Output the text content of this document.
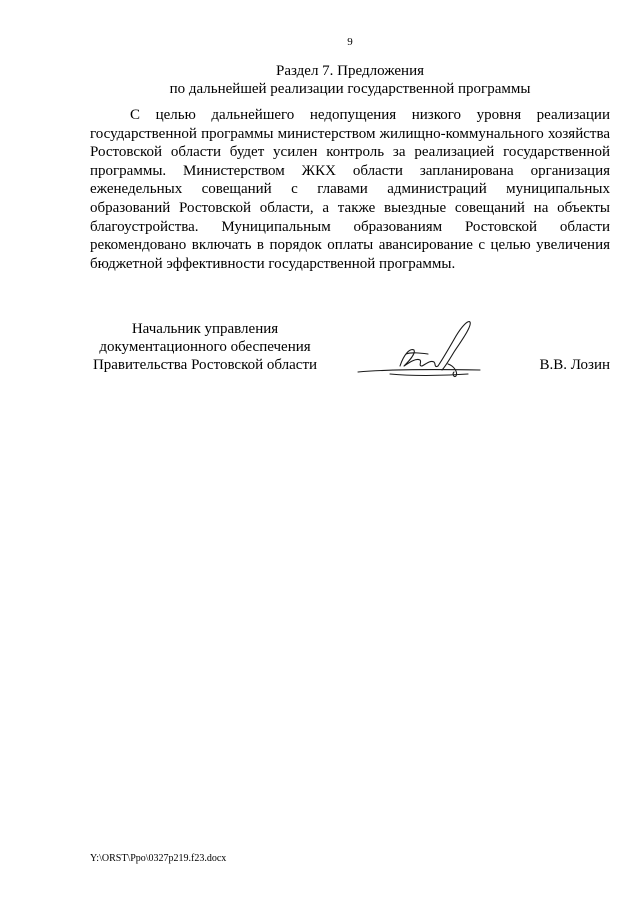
9
Раздел 7. Предложения
по дальнейшей реализации государственной программы

С целью дальнейшего недопущения низкого уровня реализации государственной программы министерством жилищно-коммунального хозяйства Ростовской области будет усилен контроль за реализацией государственной программы. Министерством ЖКХ области запланирована организация еженедельных совещаний с главами администраций муниципальных образований Ростовской области, а также выездные совещаний на объекты благоустройства. Муниципальным образованиям Ростовской области рекомендовано включать в порядок оплаты авансирование с целью увеличения бюджетной эффективности государственной программы.

Начальник управления
документационного обеспечения
Правительства Ростовской области	В.В. Лозин
Y:\ORST\Ppo\0327p219.f23.docx
